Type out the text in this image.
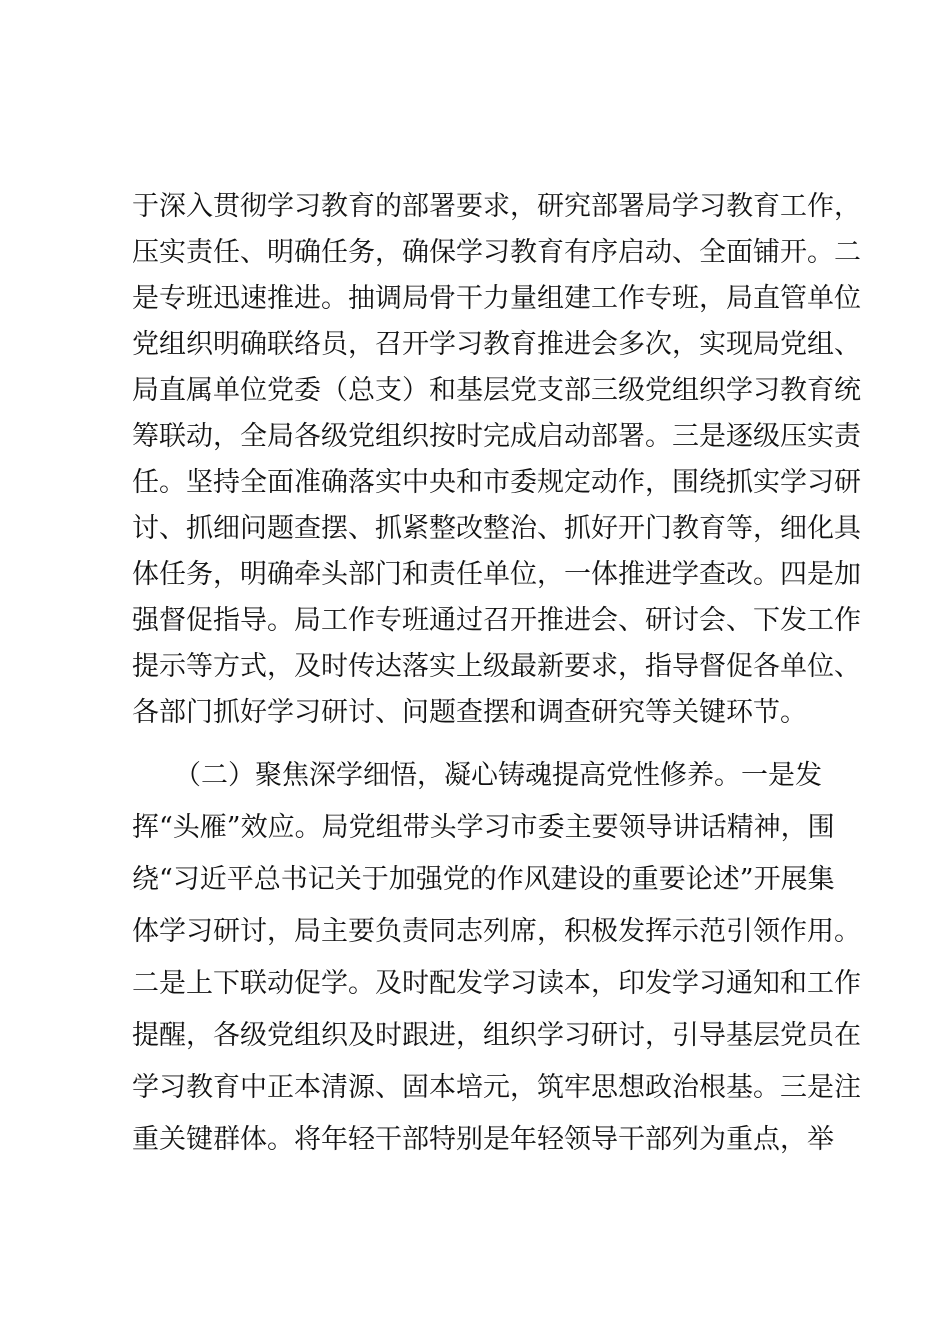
于深入贯彻学习教育的部署要求，研究部署局学习教育工作，
压实责任、明确任务，确保学习教育有序启动、全面铺开。二
是专班迅速推进。抽调局骨干力量组建工作专班，局直管单位
党组织明确联络员，召开学习教育推进会多次，实现局党组、
局直属单位党委（总支）和基层党支部三级党组织学习教育统
筹联动，全局各级党组织按时完成启动部署。三是逐级压实责
任。坚持全面准确落实中央和市委规定动作，围绕抓实学习研
讨、抓细问题查摆、抓紧整改整治、抓好开门教育等，细化具
体任务，明确牵头部门和责任单位，一体推进学查改。四是加
强督促指导。局工作专班通过召开推进会、研讨会、下发工作
提示等方式，及时传达落实上级最新要求，指导督促各单位、
各部门抓好学习研讨、问题查摆和调查研究等关键环节。
（二）聚焦深学细悟，凝心铸魂提高党性修养。一是发
挥“头雁”效应。局党组带头学习市委主要领导讲话精神，围
绕“习近平总书记关于加强党的作风建设的重要论述”开展集
体学习研讨，局主要负责同志列席，积极发挥示范引领作用。
二是上下联动促学。及时配发学习读本，印发学习通知和工作
提醒，各级党组织及时跟进，组织学习研讨，引导基层党员在
学习教育中正本清源、固本培元，筑牢思想政治根基。三是注
重关键群体。将年轻干部特别是年轻领导干部列为重点，举
